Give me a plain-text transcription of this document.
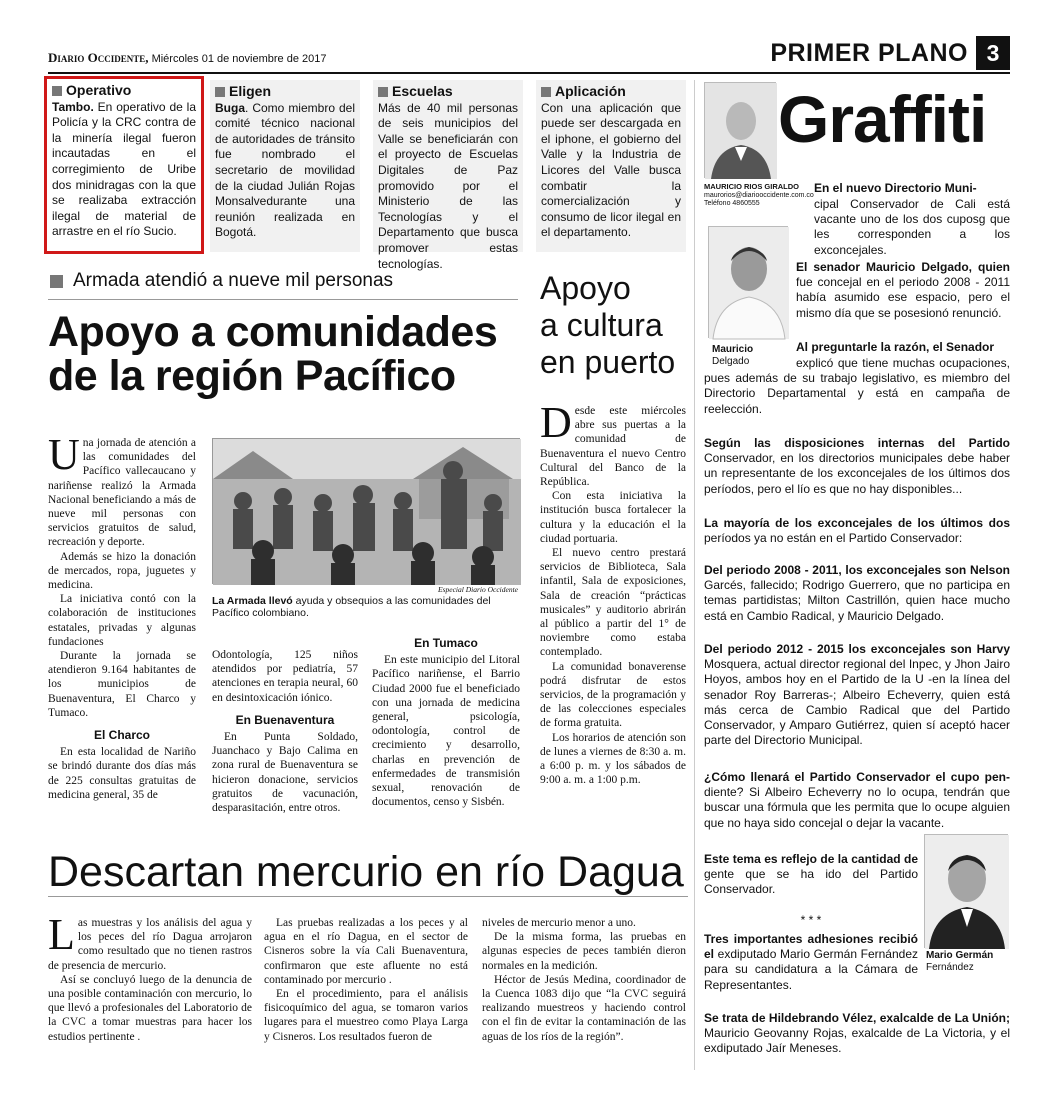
Diario Occidente, Miércoles 01 de noviembre de 2017	PRIMER PLANO 3
Operativo
Tambo. En operativo de la Policía y la CRC contra de la minería ilegal fueron incautadas en el corregimiento de Uribe dos minidragas con la que se realizaba extracción ilegal de material de arrastre en el río Sucio.
Eligen
Buga. Como miembro del comité técnico nacional de autoridades de tránsito fue nombrado el secretario de movilidad de la ciudad Julián Rojas Monsalvedurante una reunión realizada en Bogotá.
Escuelas
Más de 40 mil personas de seis municipios del Valle se beneficiarán con el proyecto de Escuelas Digitales de Paz promovido por el Ministerio de las Tecnologías y el Departamento que busca promover estas tecnologías.
Aplicación
Con una aplicación que puede ser descargada en el iphone, el gobierno del Valle y la Industria de Licores del Valle busca combatir la comercialización y consumo de licor ilegal en el departamento.
Graffiti
MAURICIO RIOS GIRALDO
maurorios@diariooccidente.com.co
Teléfono 4860555
En el nuevo Directorio Muni-
cipal Conservador de Cali está vacante uno de los dos cuposg que les corresponden a los exconcejales.
Mauricio
Delgado
El senador Mauricio Delgado, quien fue concejal en el periodo 2008 - 2011 había asumido ese espacio, pero el mismo día que se posesionó renunció.
Al preguntarle la razón, el Senador
explicó que tiene muchas ocupaciones, pues además de su trabajo legislativo, es miembro del Directorio Departamental y está en campaña de reelección.
Según las disposiciones internas del Partido Conservador, en los directorios municipales debe haber un representante de los exconcejales de los últimos dos períodos, pero el lío es que no hay disponibles...
La mayoría de los exconcejales de los últimos dos períodos ya no están en el Partido Conservador:
Del periodo 2008 - 2011, los exconcejales son Nelson Garcés, fallecido; Rodrigo Guerrero, que no participa en temas partidistas; Milton Castrillón, quien hace mucho está en Cambio Radical, y Mauricio Delgado.
Del periodo 2012 - 2015 los exconcejales son Harvy Mosquera, actual director regional del Inpec, y Jhon Jairo Hoyos, ambos hoy en el Partido de la U -en la línea del senador Roy Barreras-; Albeiro Echeverry, quien está más cerca de Cambio Radical que del Partido Conservador, y Amparo Gutiérrez, quien sí aceptó hacer parte del Directorio Municipal.
¿Cómo llenará el Partido Conservador el cupo pen- diente? Si Albeiro Echeverry no lo ocupa, tendrán que buscar una fórmula que les permita que lo ocupe alguien que no haya sido concejal o dejar la vacante.
Mario Germán
Fernández
Este tema es reflejo de la cantidad de gente que se ha ido del Partido Conservador.
* * *
Tres importantes adhesiones recibió el exdiputado Mario Germán Fernández para su candidatura a la Cámara de Representantes.
Se trata de Hildebrando Vélez, exalcalde de La Unión; Mauricio Geovanny Rojas, exalcalde de La Victoria, y el exdiputado Jaír Meneses.
Armada atendió a nueve mil personas
Apoyo a comunidades de la región Pacífico

Una jornada de atención a las comunidades del Pacífico vallecaucano y nariñense realizó la Armada Nacional beneficiando a más de nueve mil personas con servicios gratuitos de salud, recreación y deporte.

Además se hizo la donación de mercados, ropa, juguetes y medicina.

La iniciativa contó con la colaboración de instituciones estatales, privadas y algunas fundaciones

Durante la jornada se atendieron 9.164 habitantes de los municipios de Buenaventura, El Charco y Tumaco.

El Charco

En esta localidad de Nariño se brindó durante dos días más de 225 consultas gratuitas de medicina general, 35 de

Especial Diario Occidente
La Armada llevó ayuda y obsequios a las comunidades del Pacífico colombiano.

Odontología, 125 niños atendidos por pediatría, 57 atenciones en terapia neural, 60 en desintoxicación iónico.

En Buenaventura

En Punta Soldado, Juanchaco y Bajo Calima en zona rural de Buenaventura se hicieron donacione, servicios gratuitos de vacunación, desparasitación, entre otros.

En Tumaco

En este municipio del Litoral Pacífico nariñense, el Barrio Ciudad 2000 fue el beneficiado con una jornada de medicina general, psicología, odontología, control de crecimiento y desarrollo, charlas en prevención de enfermedades de transmisión sexual, renovación de documentos, censo y Sisbén.

Apoyo
a cultura
en puerto

Desde este miércoles abre sus puertas a la comunidad de Buenaventura el nuevo Centro Cultural del Banco de la República.

Con esta iniciativa la institución busca fortalecer la cultura y la educación el la ciudad portuaria.

El nuevo centro prestará servicios de Biblioteca, Sala infantil, Sala de exposiciones, Sala de creación “prácticas musicales” y auditorio abrirán al público a partir del 1° de noviembre como estaba contemplado.

La comunidad bonaverense podrá disfrutar de estos servicios, de la programación y de las colecciones especiales de forma gratuita.

Los horarios de atención son de lunes a viernes de 8:30 a. m. a 6:00 p. m. y los sábados de 9:00 a. m. a 1:00 p.m.

Descartan mercurio en río Dagua

Las muestras y los análisis del agua y los peces del río Dagua arrojaron como resultado que no tienen rastros de presencia de mercurio.

Así se concluyó luego de la denuncia de una posible contaminación con mercurio, lo que llevó a profesionales del Laboratorio de la CVC a tomar muestras para hacer los estudios pertinente .

Las pruebas realizadas a los peces y al agua en el río Dagua, en el sector de Cisneros sobre la vía Cali Buenaventura, confirmaron que este afluente no está contaminado por mercurio .

En el procedimiento, para el análisis fisicoquímico del agua, se tomaron varios lugares para el muestreo como Playa Larga y Cisneros. Los resultados fueron de

niveles de mercurio menor a uno.

De la misma forma, las pruebas en algunas especies de peces también dieron normales en la medición.

Héctor de Jesús Medina, coordinador de la Cuenca 1083 dijo que “la CVC seguirá realizando muestreos y haciendo control con el fin de evitar la contaminación de las aguas de los ríos de la región”.
